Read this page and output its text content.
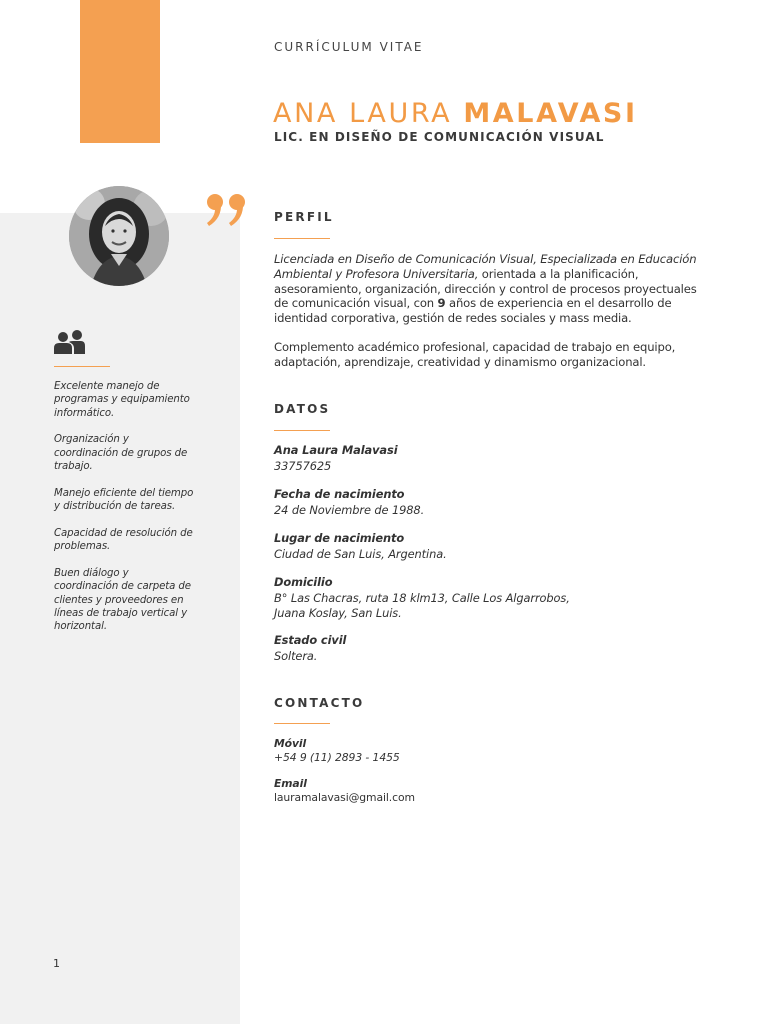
CURRÍCULUM VITAE
ANA LAURA MALAVASI
LIC. EN DISEÑO DE COMUNICACIÓN VISUAL
Excelente manejo de programas y equipamiento informático.
Organización y coordinación de grupos de trabajo.
Manejo eficiente del tiempo y distribución de tareas.
Capacidad de resolución de problemas.
Buen diálogo y coordinación de carpeta de clientes y proveedores en líneas de trabajo vertical y horizontal.
1
PERFIL

Licenciada en Diseño de Comunicación Visual, Especializada en Educación Ambiental y Profesora Universitaria, orientada a la planificación, asesoramiento, organización, dirección y control de procesos proyectuales de comunicación visual, con 9 años de experiencia en el desarrollo de identidad corporativa, gestión de redes sociales y mass media.

Complemento académico profesional, capacidad de trabajo en equipo, adaptación, aprendizaje, creatividad y dinamismo organizacional.

DATOS
Ana Laura Malavasi
33757625
Fecha de nacimiento
24 de Noviembre de 1988.
Lugar de nacimiento
Ciudad de San Luis, Argentina.
Domicilio
B° Las Chacras, ruta 18 klm13, Calle Los Algarrobos,
Juana Koslay, San Luis.
Estado civil
Soltera.
CONTACTO
Móvil
+54 9 (11) 2893 - 1455
Email
lauramalavasi@gmail.com
